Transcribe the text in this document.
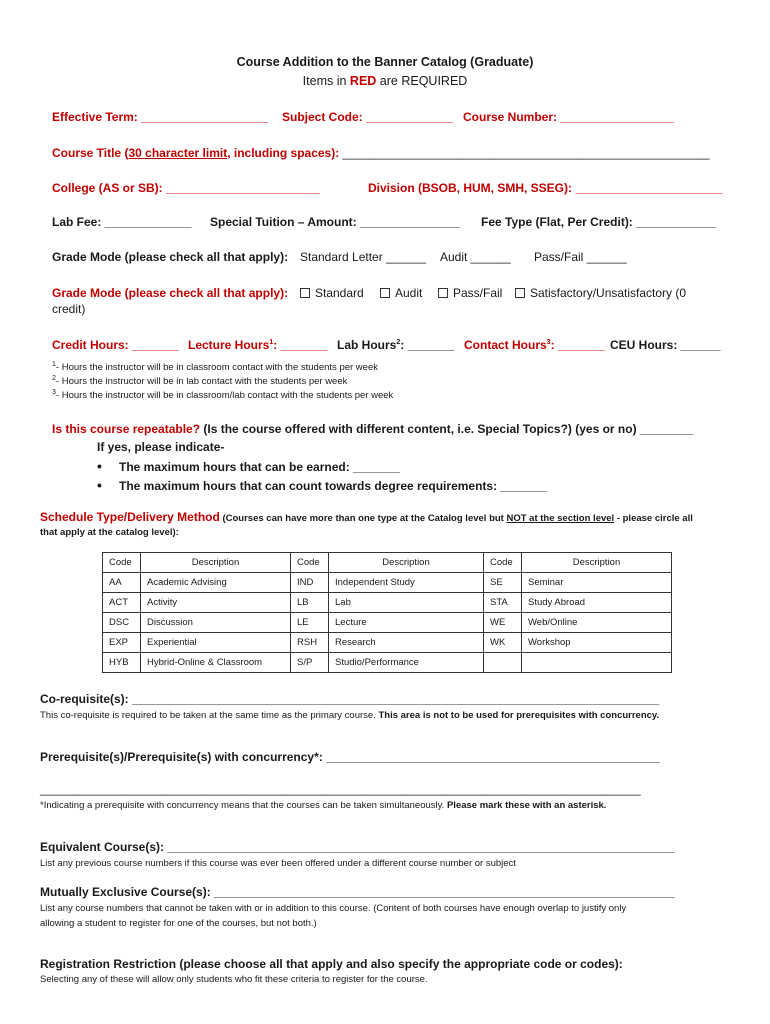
Course Addition to the Banner Catalog (Graduate)
Items in RED are REQUIRED
Effective Term: ___________________ Subject Code: _____________ Course Number: _________________
Course Title (30 character limit, including spaces): _______________________________________________________
College (AS or SB): _______________________	Division (BSOB, HUM, SMH, SSEG): ______________________
Lab Fee: _____________ Special Tuition – Amount: _______________ Fee Type (Flat, Per Credit): ____________
Grade Mode (please check all that apply): Standard Letter ______ Audit ______ Pass/Fail ______
Grade Mode (please check all that apply):	Standard	Audit	Pass/Fail	Satisfactory/Unsatisfactory (0
credit)
Credit Hours: _______ Lecture Hours$^1$: _______ Lab Hours$^2$: _______ Contact Hours$^3$: _______ CEU Hours: ______
$^1$- Hours the instructor will be in classroom contact with the students per week
$^2$- Hours the instructor will be in lab contact with the students per week
$^3$- Hours the instructor will be in classroom/lab contact with the students per week
Is this course repeatable? (Is the course offered with different content, i.e. Special Topics?) (yes or no) ________
If yes, please indicate-
• The maximum hours that can be earned: _______
• The maximum hours that can count towards degree requirements: _______
Schedule Type/Delivery Method (Courses can have more than one type at the Catalog level but NOT at the section level - please circle all
that apply at the catalog level):
Code	Description	Code	Description	Code	Description
AA	Academic Advising	IND	Independent Study	SE	Seminar
ACT	Activity	LB	Lab	STA	Study Abroad
DSC	Discussion	LE	Lecture	WE	Web/Online
EXP	Experiential	RSH	Research	WK	Workshop
HYB	Hybrid-Online & Classroom	S/P	Studio/Performance		
Co-requisite(s): _______________________________________________________________________________
This co-requisite is required to be taken at the same time as the primary course. This area is not to be used for prerequisites with concurrency.
Prerequisite(s)/Prerequisite(s) with concurrency*: __________________________________________________
__________________________________________________________________________________________
*Indicating a prerequisite with concurrency means that the courses can be taken simultaneously. Please mark these with an asterisk.
Equivalent Course(s): ____________________________________________________________________________
List any previous course numbers if this course was ever been offered under a different course number or subject
Mutually Exclusive Course(s): _____________________________________________________________________
List any course numbers that cannot be taken with or in addition to this course. (Content of both courses have enough overlap to justify only
allowing a student to register for one of the courses, but not both.)
Registration Restriction (please choose all that apply and also specify the appropriate code or codes):
Selecting any of these will allow only students who fit these criteria to register for the course.
